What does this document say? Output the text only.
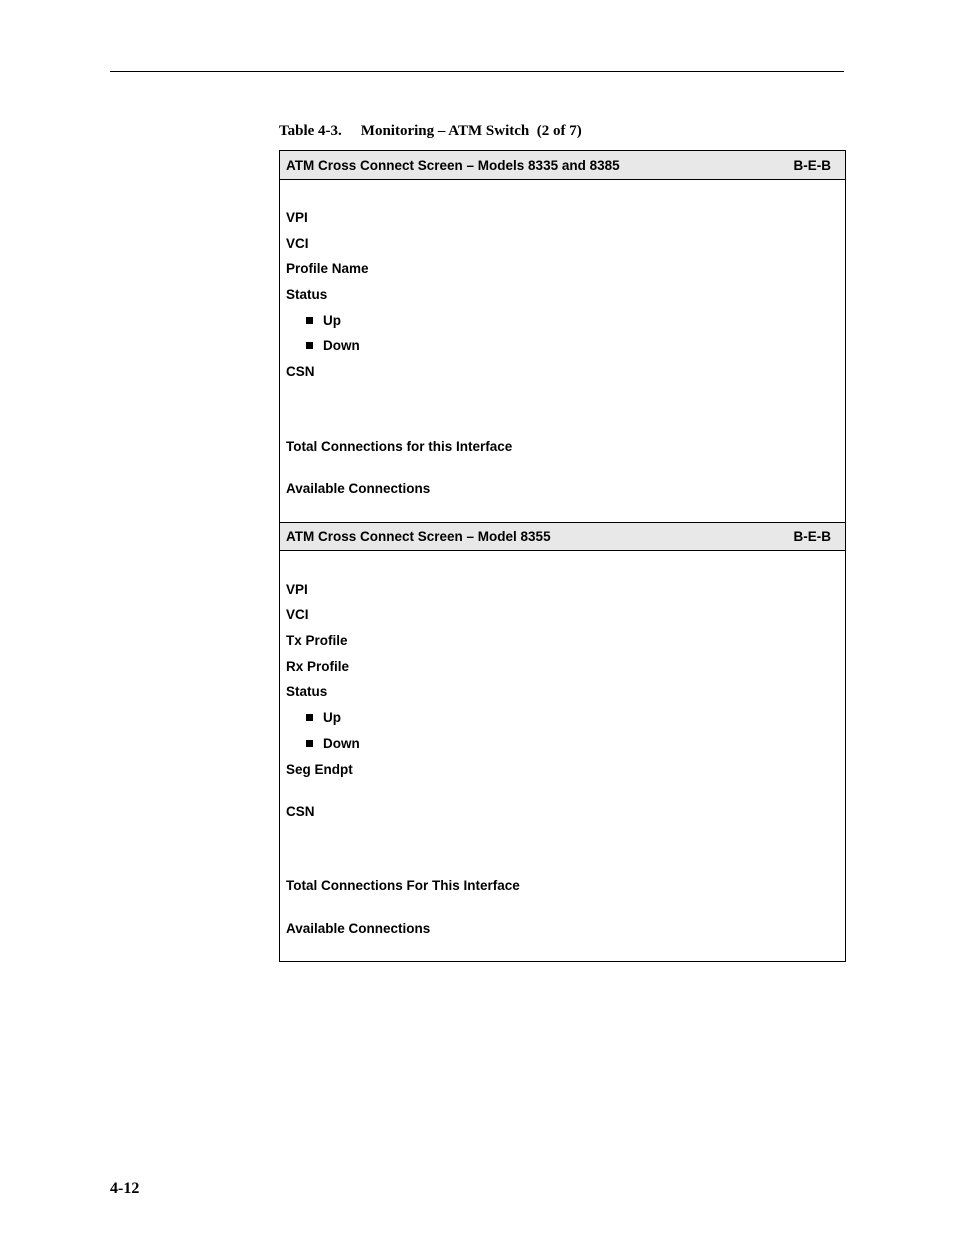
Table 4-3. Monitoring – ATM Switch  (2 of 7)
ATM Cross Connect Screen – Models 8335 and 8385	B-E-B
VPI
VCI
Profile Name
Status
Up
Down
CSN
Total Connections for this Interface
Available Connections
ATM Cross Connect Screen – Model 8355	B-E-B
VPI
VCI
Tx Profile
Rx Profile
Status
Up
Down
Seg Endpt
CSN
Total Connections For This Interface
Available Connections
4-12
